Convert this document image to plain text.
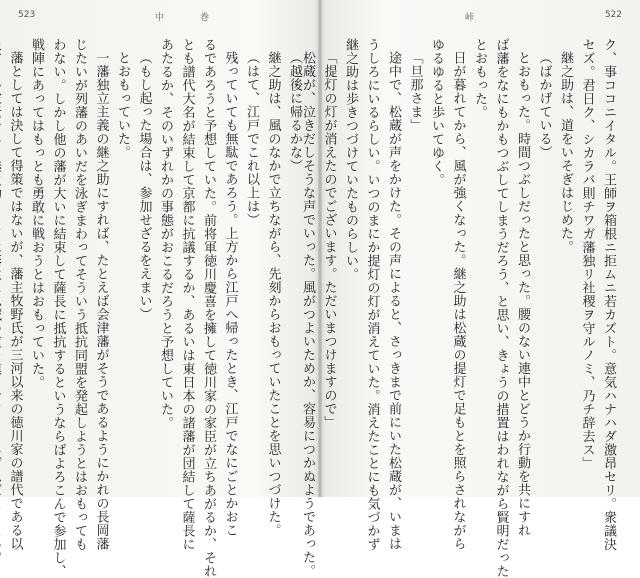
523	中	巻
（越後に帰るかな）
継之助は、風のなかで立ちながら、先刻からおもっていたことを思いつづけた。
（はて、江戸でこれ以上は）
残っていても無駄であろう。上方から江戸へ帰ったとき、江戸でなにごとかおこ
るであろうと予想していた。前将軍徳川慶喜を擁して徳川家の家臣が立ちあがるか、それ
とも譜代大名が結束して京都に抗議するか、あるいは東日本の諸藩が団結して薩長に
あたるか、そのいずれかの事態がおこるだろうと予想していた。
（もし起った場合は、参加せざるをえまい）
とおもっていた。
一藩独立主義の継之助にすれば、たとえば会津藩がそうであるようにかれの長岡藩
じたいが列藩のあいだを泳ぎまわってそういう抵抗同盟を発起しようとはおもっても
わない。しかし他の藩が大いに結束して薩長に抵抗するというならばよろこんで参加し、
戦陣にあってはもっとも勇敢に戦おうとはおもっていた。
藩としては決して得策ではないが、藩主牧野氏が三河以来の徳川家の譜代である以
峠	522
ク、事ココニイタル。王師ヲ箱根ニ拒ムニ若カズト。意気ハナハダ激昂セリ。衆議決
セズ。君日ク、シカラバ則チワガ藩独リ社稷ヲ守ルノミ、乃チ辞去ス」
継之助は、道をいそぎはじめた。
（ばかげている）
とおもった。時間つぶしだったと思った。腰のない連中とどうか行動を共にすれ
ば藩をなにもかもつぶしてしまうだろう、と思い、きょうの措置はわれながら賢明だった
とおもった。
日が暮れてから、風が強くなった。継之助は松蔵の提灯で足もとを照らされながら
ゆるゆると歩いてゆく。
「旦那さま」
途中で、松蔵が声をかけた。その声によると、さっきまで前にいた松蔵が、いまは
うしろにいるらしい。いつのまにか提灯の灯が消えていた。消えたことにも気づかず
継之助は歩きつづけていたものらしい。
「提灯の灯が消えたのでございます。ただいまつけますので」
松蔵が、泣きだしそうな声でいった。風がつよいためか、容易につかぬようであった。
